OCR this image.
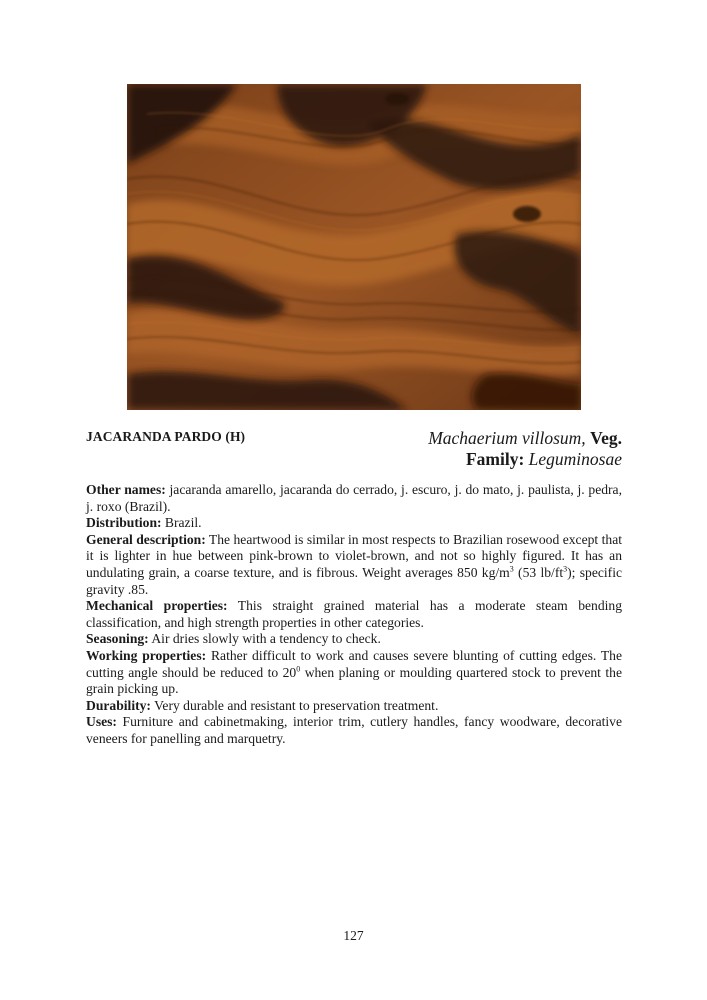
JACARANDA PARDO (H)	Machaerium villosum, Veg.
Family: Leguminosae

Other names: jacaranda amarello, jacaranda do cerrado, j. escuro, j. do mato, j. paulista, j. pedra, j. roxo (Brazil).

Distribution: Brazil.

General description: The heartwood is similar in most respects to Brazilian rosewood except that it is lighter in hue between pink-brown to violet-brown, and not so highly figured. It has an undulating grain, a coarse texture, and is fibrous. Weight averages 850 $kg/m^3$ (53 $lb/ft^3$); specific gravity .85.

Mechanical properties: This straight grained material has a moderate steam bending classification, and high strength properties in other categories.

Seasoning: Air dries slowly with a tendency to check.

Working properties: Rather difficult to work and causes severe blunting of cutting edges. The cutting angle should be reduced to $20^0$ when planing or moulding quartered stock to prevent the grain picking up.

Durability: Very durable and resistant to preservation treatment.

Uses: Furniture and cabinetmaking, interior trim, cutlery handles, fancy woodware, decorative veneers for panelling and marquetry.

127
